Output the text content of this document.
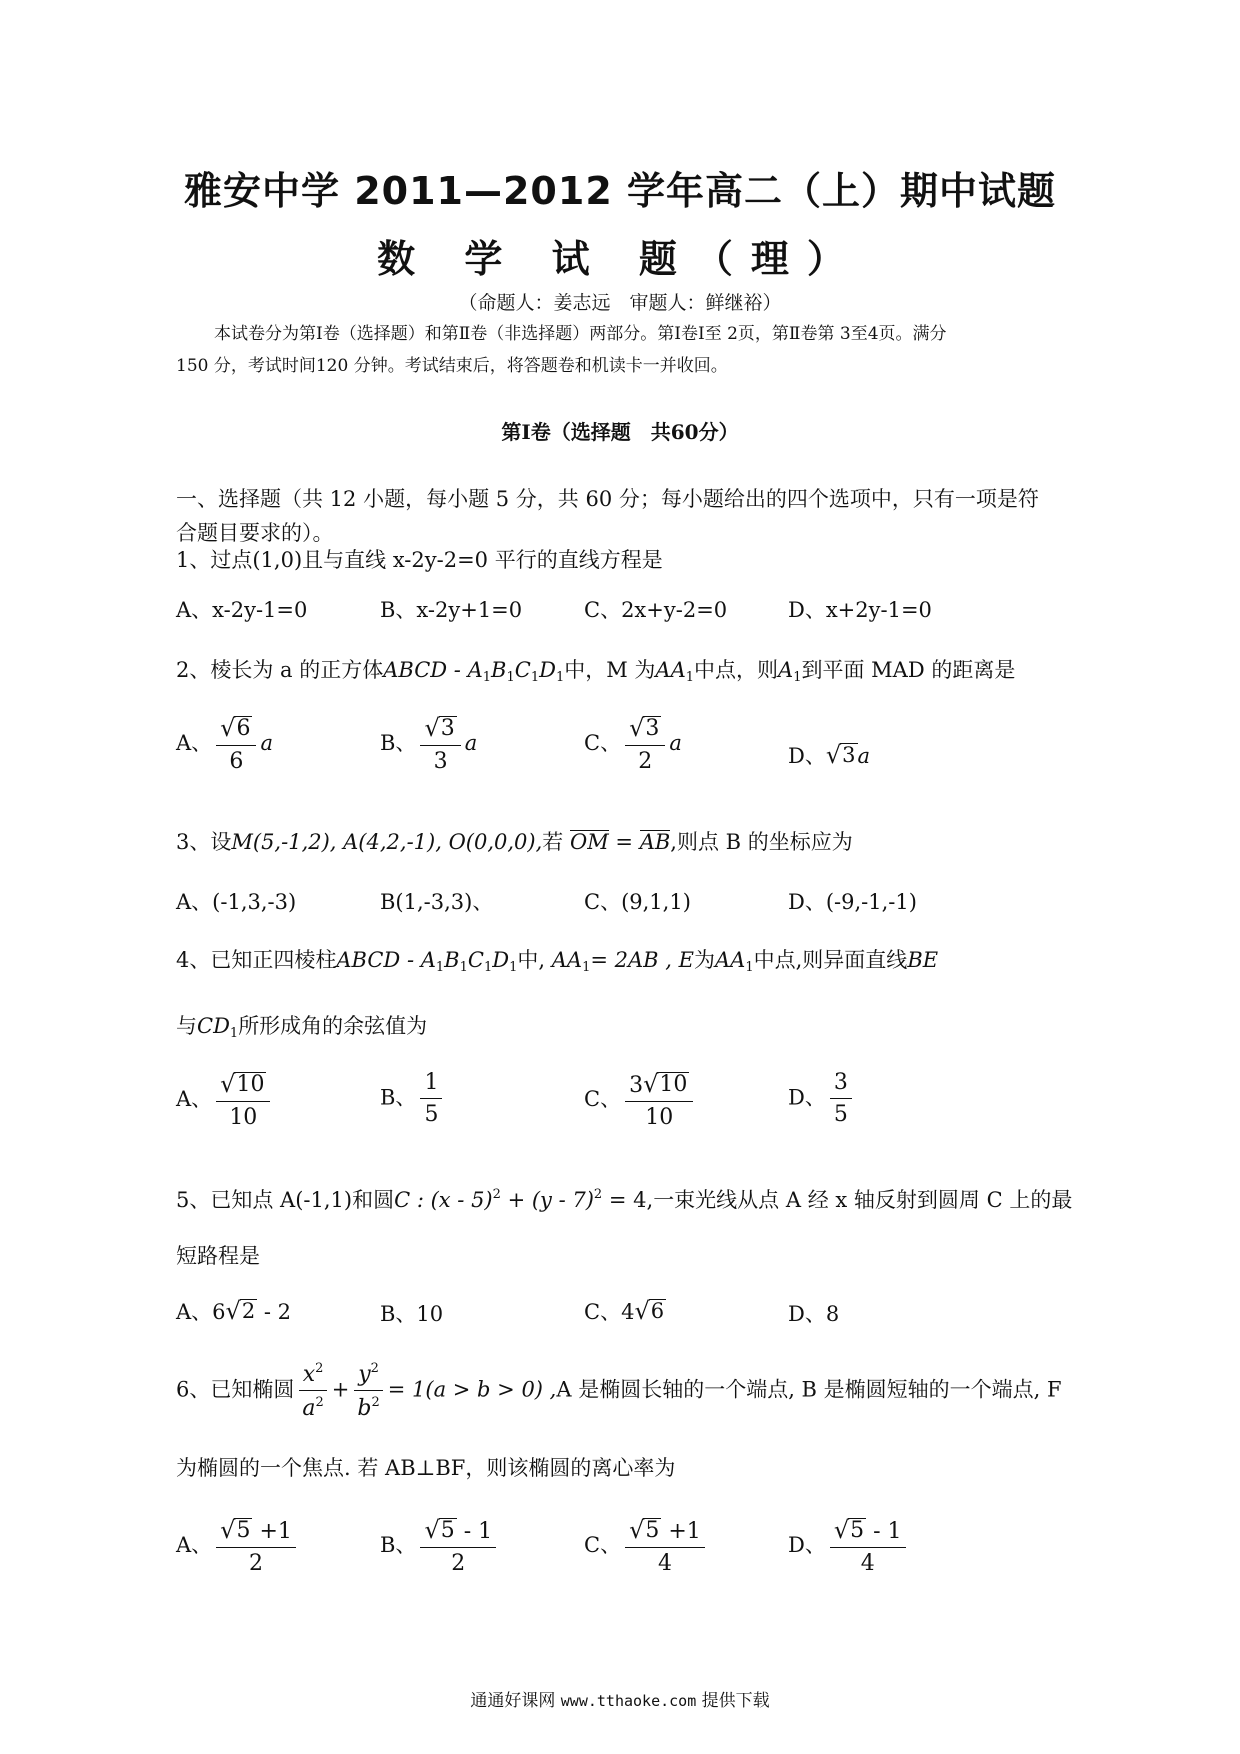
雅安中学 2011—2012 学年高二（上）期中试题
数 学 试 题（理）
（命题人：姜志远　审题人：鲜继裕）

本试卷分为第Ⅰ卷（选择题）和第Ⅱ卷（非选择题）两部分。第Ⅰ卷Ⅰ至 2页，第Ⅱ卷第 3至4页。满分

150 分，考试时间120 分钟。考试结束后，将答题卷和机读卡一并收回。

第Ⅰ卷（选择题　共60分）

一、选择题（共 12 小题，每小题 5 分，共 60 分；每小题给出的四个选项中，只有一项是符

合题目要求的）。

1、过点(1,0)且与直线 x-2y-2=0 平行的直线方程是
A、x-2y-1=0	B、x-2y+1=0	C、2x+y-2=0	D、x+2y-1=0
2、棱长为 a 的正方体ABCD - $A_1B_1C_1D_1$中，M 为$AA_1$中点，则$A_1$到平面 MAD 的距离是
A、 $\frac{√ 6}{6}$ a	B、 $\frac{√ 3}{3}$ a	C、 $\frac{√ 3}{2}$ a
D、 √ 3 a
3、设M(5,-1,2), A(4,2,-1), O(0,0,0),若 OM = AB,则点 B 的坐标应为
A、(-1,3,-3)	B(1,-3,3)、	C、(9,1,1)	D、(-9,-1,-1)
4、已知正四棱柱ABCD - $A_1B_1C_1D_1$中, $AA_1= 2AB$ , E为$AA_1$中点,则异面直线BE
与$CD_1$所形成角的余弦值为
A、 $\frac{√ 10}{10}$	B、 $\frac{1}{5}$	C、 $\frac{3 √ 10}{10}$	D、 $\frac{3}{5}$
5、已知点 A(-1,1)和圆C : (x - 5)$^2$ + (y - 7)$^2$ = 4,一束光线从点 A 经 x 轴反射到圆周 C 上的最
短路程是
A、6 √ 2 - 2	B、10	C、4 √ 6	D、8
6、已知椭圆 $\frac{x^2}{a^2} + \frac{y^2}{b^2} = 1(a > b > 0)$ ,A 是椭圆长轴的一个端点, B 是椭圆短轴的一个端点, F
为椭圆的一个焦点. 若 AB⊥BF，则该椭圆的离心率为
A、 $\frac{√ 5 +1}{2}$	B、 $\frac{√ 5 - 1}{2}$	C、 $\frac{√ 5 +1}{4}$	D、 $\frac{√ 5 - 1}{4}$
通通好课网 www.tthaoke.com 提供下载
